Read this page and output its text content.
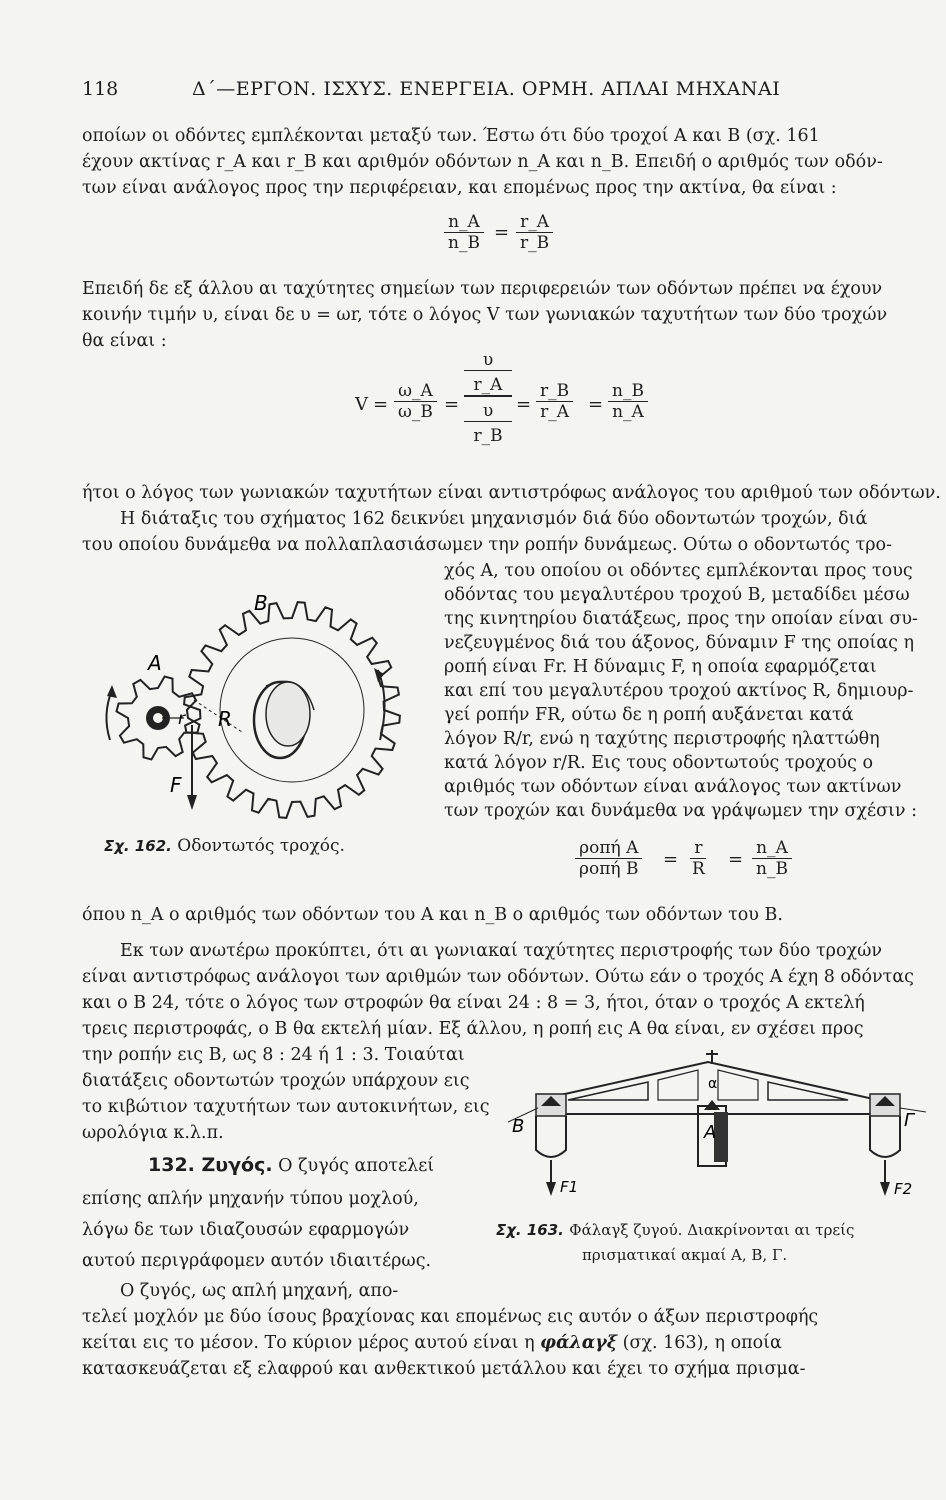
118	Δ΄—ΕΡΓΟΝ. ΙΣΧΥΣ. ΕΝΕΡΓΕΙΑ. ΟΡΜΗ. ΑΠΛΑΙ ΜΗΧΑΝΑΙ
οποίων οι οδόντες εμπλέκονται μεταξύ των. Έστω ότι δύο τροχοί Α και Β (σχ. 161
έχουν ακτίνας r_A και r_B και αριθμόν οδόντων n_A και n_B. Επειδή ο αριθμός των οδόν-
των είναι ανάλογος προς την περιφέρειαν, και επομένως προς την ακτίνα, θα είναι :
$\frac{n\_A}{n\_B} = \frac{r\_A}{r\_B}$
Επειδή δε εξ άλλου αι ταχύτητες σημείων των περιφερειών των οδόντων πρέπει να έχουν
κοινήν τιμήν υ, είναι δε υ = ωr, τότε ο λόγος V των γωνιακών ταχυτήτων των δύο τροχών
θα είναι :
$V = \frac{\omega\_A}{\omega\_B}$ =
υ
r_A
υ
r_B
= $\frac{r\_B}{r\_A} = \frac{n\_B}{n\_A}$
ήτοι ο λόγος των γωνιακών ταχυτήτων είναι αντιστρόφως ανάλογος του αριθμού των οδόντων.
Η διάταξις του σχήματος 162 δεικνύει μηχανισμόν διά δύο οδοντωτών τροχών, διά
του οποίου δυνάμεθα να πολλαπλασιάσωμεν την ροπήν δυνάμεως. Ούτω ο οδοντωτός τρο-
χός Α, του οποίου οι οδόντες εμπλέκονται προς τους
οδόντας του μεγαλυτέρου τροχού Β, μεταδίδει μέσω
της κινητηρίου διατάξεως, προς την οποίαν είναι συ-
νεζευγμένος διά του άξονος, δύναμιν F της οποίας η
ροπή είναι Fr. Η δύναμις F, η οποία εφαρμόζεται
και επί του μεγαλυτέρου τροχού ακτίνος R, δημιουρ-
γεί ροπήν FR, ούτω δε η ροπή αυξάνεται κατά
λόγον R/r, ενώ η ταχύτης περιστροφής ηλαττώθη
κατά λόγον r/R. Εις τους οδοντωτούς τροχούς ο
αριθμός των οδόντων είναι ανάλογος των ακτίνων
των τροχών και δυνάμεθα να γράψωμεν την σχέσιν :
B
A
r R
F
Σχ. 162. Οδοντωτός τροχός.	ροπή Α
ροπή $B = \frac{r}{R} = \frac{n\_A}{n\_B}$
όπου n_A ο αριθμός των οδόντων του Α και n_B ο αριθμός των οδόντων του Β.
Εκ των ανωτέρω προκύπτει, ότι αι γωνιακαί ταχύτητες περιστροφής των δύο τροχών
είναι αντιστρόφως ανάλογοι των αριθμών των οδόντων. Ούτω εάν ο τροχός Α έχη 8 οδόντας
και ο Β 24, τότε ο λόγος των στροφών θα είναι 24 : 8 = 3, ήτοι, όταν ο τροχός Α εκτελή
τρεις περιστροφάς, ο Β θα εκτελή μίαν. Εξ άλλου, η ροπή εις Α θα είναι, εν σχέσει προς
την ροπήν εις Β, ως 8 : 24 ή 1 : 3. Τοιαύται
διατάξεις οδοντωτών τροχών υπάρχουν εις
το κιβώτιον ταχυτήτων των αυτοκινήτων, εις
ωρολόγια κ.λ.π.
132. Ζυγός. Ο ζυγός αποτελεί
επίσης απλήν μηχανήν τύπου μοχλού,
λόγω δε των ιδιαζουσών εφαρμογών
αυτού περιγράφομεν αυτόν ιδιαιτέρως.
Ο ζυγός, ως απλή μηχανή, απο-
α
B	A
Γ
F1	F2
Σχ. 163. Φάλαγξ ζυγού. Διακρίνονται αι τρείς
πρισματικαί ακμαί Α, Β, Γ.
τελεί μοχλόν με δύο ίσους βραχίονας και επομένως εις αυτόν ο άξων περιστροφής
κείται εις το μέσον. Το κύριον μέρος αυτού είναι η φάλαγξ (σχ. 163), η οποία
κατασκευάζεται εξ ελαφρού και ανθεκτικού μετάλλου και έχει το σχήμα πρισμα-
